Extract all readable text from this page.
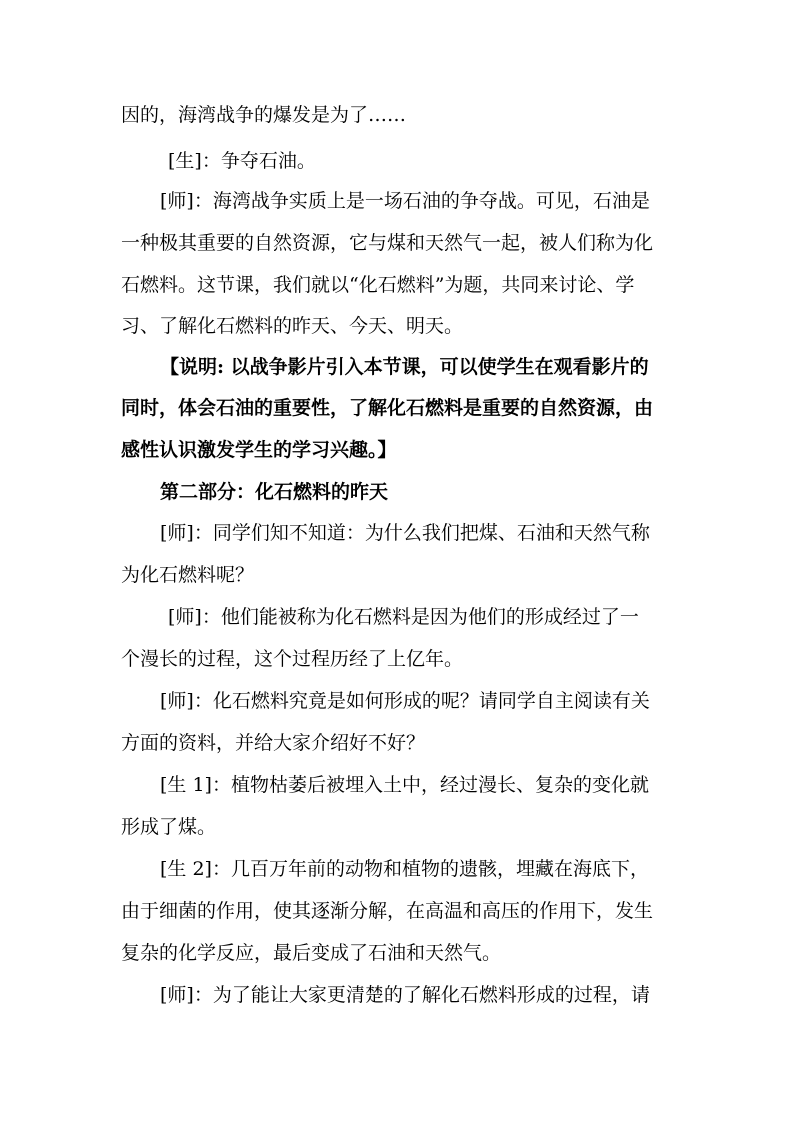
因的，海湾战争的爆发是为了……
[生]：争夺石油。
[师]：海湾战争实质上是一场石油的争夺战。可见，石油是
一种极其重要的自然资源，它与煤和天然气一起，被人们称为化
石燃料。这节课，我们就以“化石燃料”为题，共同来讨论、学
习、了解化石燃料的昨天、今天、明天。
【说明: 以战争影片引入本节课，可以使学生在观看影片的
同时，体会石油的重要性，了解化石燃料是重要的自然资源，由
感性认识激发学生的学习兴趣。】
第二部分：化石燃料的昨天
[师]：同学们知不知道：为什么我们把煤、石油和天然气称
为化石燃料呢？
[师]：他们能被称为化石燃料是因为他们的形成经过了一
个漫长的过程，这个过程历经了上亿年。
[师]：化石燃料究竟是如何形成的呢？请同学自主阅读有关
方面的资料，并给大家介绍好不好？
[生 1]：植物枯萎后被埋入土中，经过漫长、复杂的变化就
形成了煤。
[生 2]：几百万年前的动物和植物的遗骸，埋藏在海底下，
由于细菌的作用，使其逐渐分解，在高温和高压的作用下，发生
复杂的化学反应，最后变成了石油和天然气。
[师]：为了能让大家更清楚的了解化石燃料形成的过程，请
